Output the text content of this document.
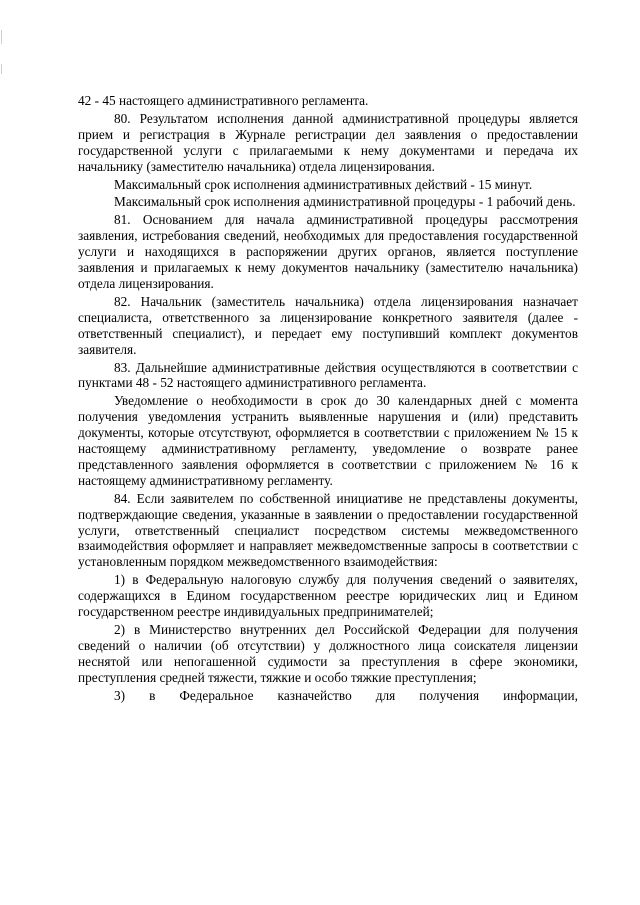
42 - 45 настоящего административного регламента.

80. Результатом исполнения данной административной процедуры является прием и регистрация в Журнале регистрации дел заявления о предоставлении государственной услуги с прилагаемыми к нему документами и передача их начальнику (заместителю начальника) отдела лицензирования.

Максимальный срок исполнения административных действий - 15 минут.

Максимальный срок исполнения административной процедуры - 1 рабочий день.

81. Основанием для начала административной процедуры рассмотрения заявления, истребования сведений, необходимых для предоставления государственной услуги и находящихся в распоряжении других органов, является поступление заявления и прилагаемых к нему документов начальнику (заместителю начальника) отдела лицензирования.

82. Начальник (заместитель начальника) отдела лицензирования назначает специалиста, ответственного за лицензирование конкретного заявителя (далее - ответственный специалист), и передает ему поступивший комплект документов заявителя.

83. Дальнейшие административные действия осуществляются в соответствии с пунктами 48 - 52 настоящего административного регламента.

Уведомление о необходимости в срок до 30 календарных дней с момента получения уведомления устранить выявленные нарушения и (или) представить документы, которые отсутствуют, оформляется в соответствии с приложением № 15 к настоящему административному регламенту, уведомление о возврате ранее представленного заявления оформляется в соответствии с приложением № 16 к настоящему административному регламенту.

84. Если заявителем по собственной инициативе не представлены документы, подтверждающие сведения, указанные в заявлении о предоставлении государственной услуги, ответственный специалист посредством системы межведомственного взаимодействия оформляет и направляет межведомственные запросы в соответствии с установленным порядком межведомственного взаимодействия:

1) в Федеральную налоговую службу для получения сведений о заявителях, содержащихся в Едином государственном реестре юридических лиц и Едином государственном реестре индивидуальных предпринимателей;

2) в Министерство внутренних дел Российской Федерации для получения сведений о наличии (об отсутствии) у должностного лица соискателя лицензии неснятой или непогашенной судимости за преступления в сфере экономики, преступления средней тяжести, тяжкие и особо тяжкие преступления;

3) в Федеральное казначейство для получения информации,
